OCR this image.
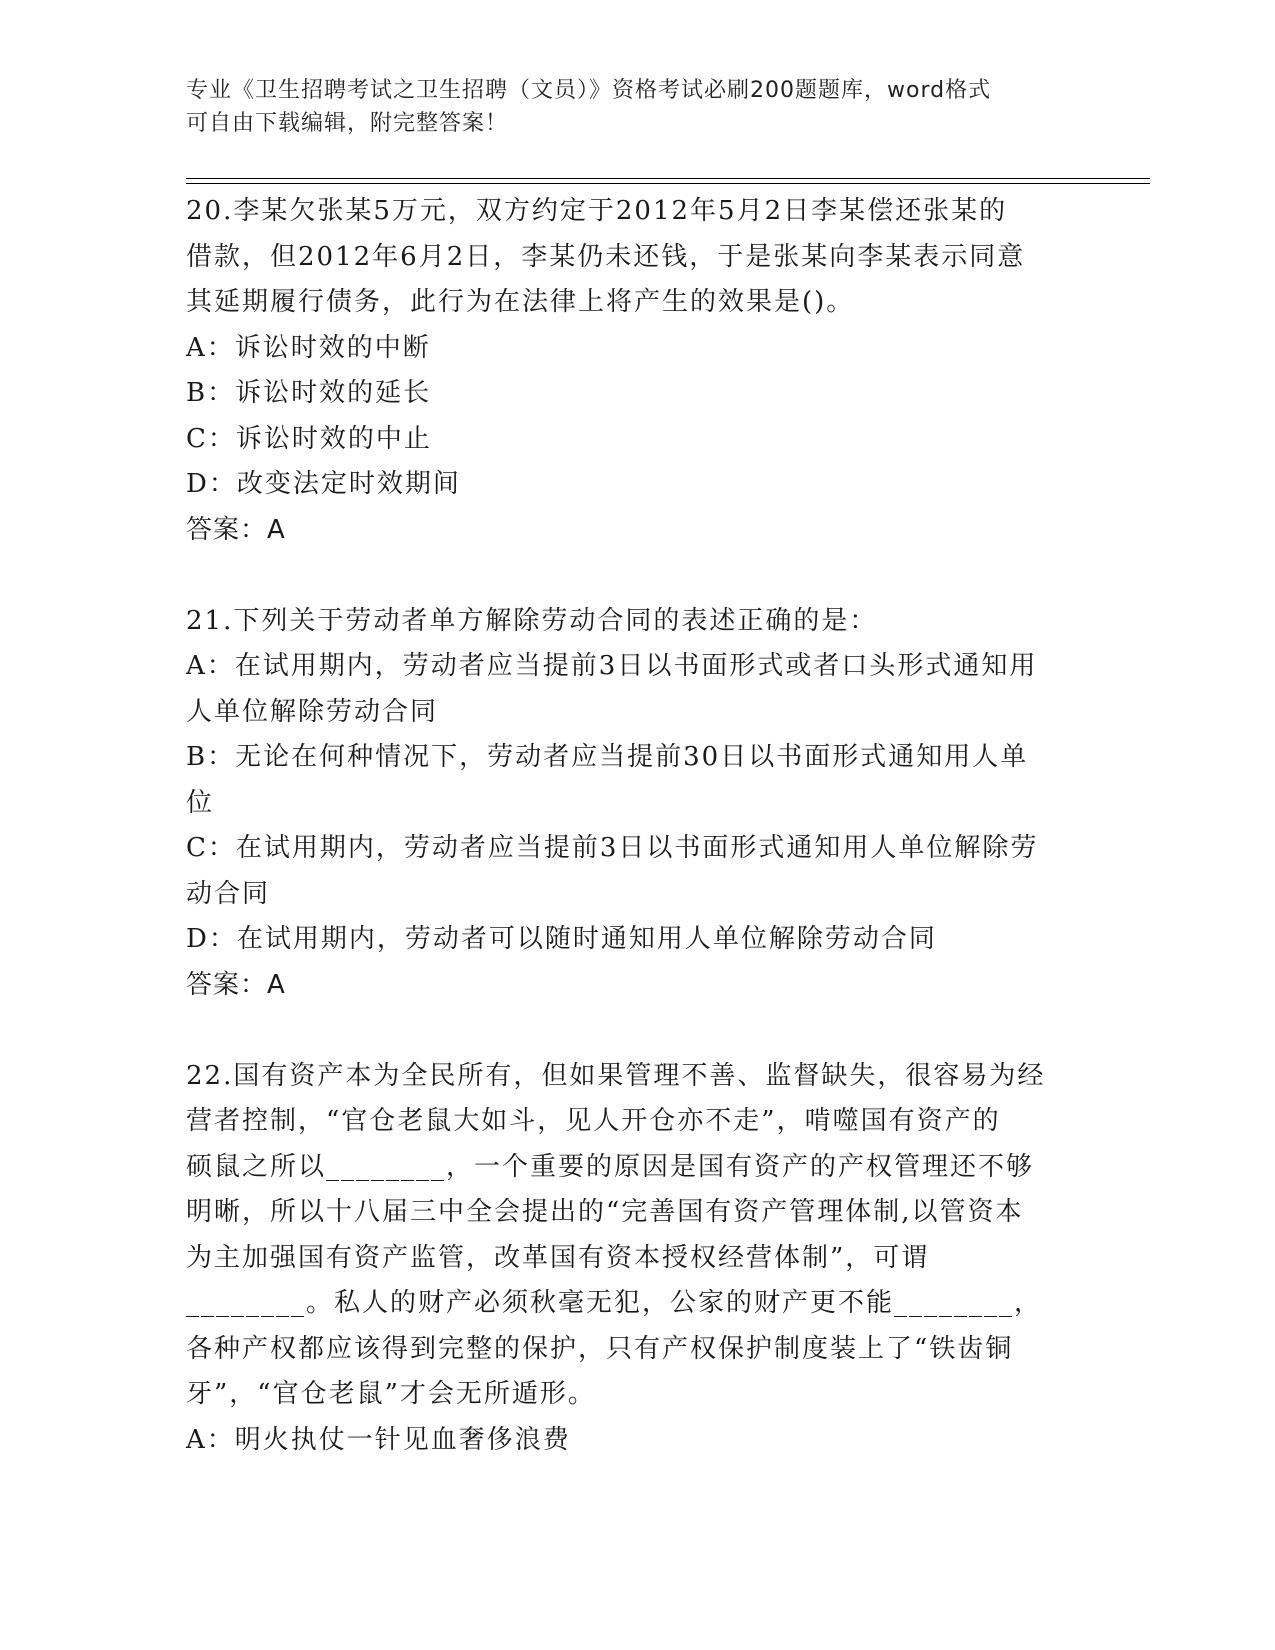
专业《卫生招聘考试之卫生招聘（文员）》资格考试必刷200题题库，word格式
可自由下载编辑，附完整答案！
20.李某欠张某5万元，双方约定于2012年5月2日李某偿还张某的
借款，但2012年6月2日，李某仍未还钱，于是张某向李某表示同意
其延期履行债务，此行为在法律上将产生的效果是()。
A：诉讼时效的中断
B：诉讼时效的延长
C：诉讼时效的中止
D：改变法定时效期间
答案：A
21.下列关于劳动者单方解除劳动合同的表述正确的是：
A：在试用期内，劳动者应当提前3日以书面形式或者口头形式通知用
人单位解除劳动合同
B：无论在何种情况下，劳动者应当提前30日以书面形式通知用人单
位
C：在试用期内，劳动者应当提前3日以书面形式通知用人单位解除劳
动合同
D：在试用期内，劳动者可以随时通知用人单位解除劳动合同
答案：A
22.国有资产本为全民所有，但如果管理不善、监督缺失，很容易为经
营者控制，“官仓老鼠大如斗，见人开仓亦不走”，啃噬国有资产的
硕鼠之所以________，一个重要的原因是国有资产的产权管理还不够
明晰，所以十八届三中全会提出的“完善国有资产管理体制,以管资本
为主加强国有资产监管，改革国有资本授权经营体制”，可谓
________。私人的财产必须秋毫无犯，公家的财产更不能________，
各种产权都应该得到完整的保护，只有产权保护制度装上了“铁齿铜
牙”，“官仓老鼠”才会无所遁形。
A：明火执仗一针见血奢侈浪费
